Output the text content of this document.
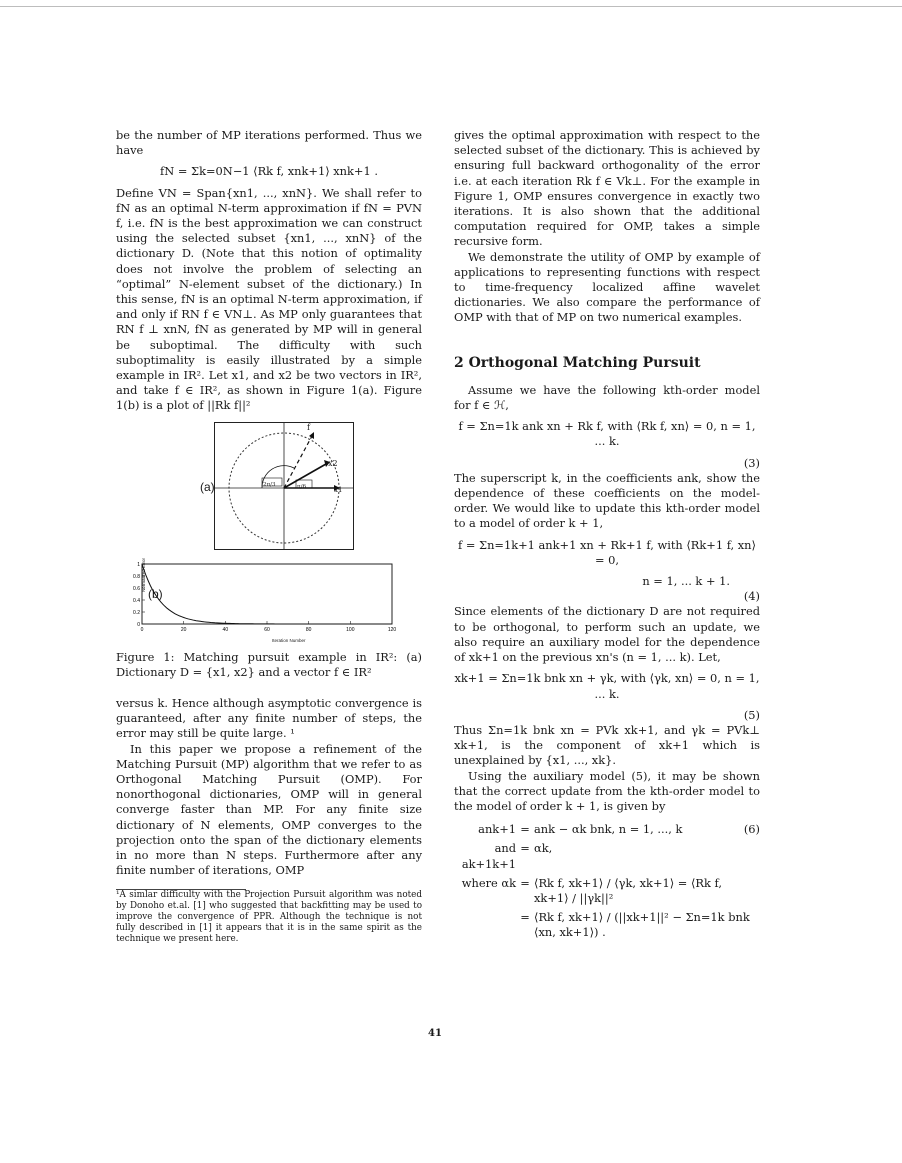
be the number of MP iterations performed. Thus we have

fN = Σk=0N−1 ⟨Rk f, xnk+1⟩ xnk+1 .

Define VN = Span{xn1, ..., xnN}. We shall refer to fN as an optimal N-term approximation if fN = PVN f, i.e. fN is the best approximation we can construct using the selected subset {xn1, ..., xnN} of the dictionary D. (Note that this notion of optimality does not involve the problem of selecting an “optimal” N-element subset of the dictionary.) In this sense, fN is an optimal N-term approximation, if and only if RN f ∈ VN⊥. As MP only guarantees that RN f ⊥ xnN, fN as generated by MP will in general be suboptimal. The difficulty with such suboptimality is easily illustrated by a simple example in IR². Let x1, and x2 be two vectors in IR², and take f ∈ IR², as shown in Figure 1(a). Figure 1(b) is a plot of ||Rk f||²

(a)
(b)
f
x2
x1
2π/3	π/6
1
0.8
0.6
0.4
0.2
0
0	20	40	60	80	100	120
Normalized Error
Iteration Number

Figure 1: Matching pursuit example in IR²: (a) Dictionary D = {x1, x2} and a vector f ∈ IR²

versus k. Hence although asymptotic convergence is guaranteed, after any finite number of steps, the error may still be quite large. ¹

In this paper we propose a refinement of the Matching Pursuit (MP) algorithm that we refer to as Orthogonal Matching Pursuit (OMP). For nonorthogonal dictionaries, OMP will in general converge faster than MP. For any finite size dictionary of N elements, OMP converges to the projection onto the span of the dictionary elements in no more than N steps. Furthermore after any finite number of iterations, OMP

¹A simlar difficulty with the Projection Pursuit algorithm was noted by Donoho et.al. [1] who suggested that backfitting may be used to improve the convergence of PPR. Although the technique is not fully described in [1] it appears that it is in the same spirit as the technique we present here.

gives the optimal approximation with respect to the selected subset of the dictionary. This is achieved by ensuring full backward orthogonality of the error i.e. at each iteration Rk f ∈ Vk⊥. For the example in Figure 1, OMP ensures convergence in exactly two iterations. It is also shown that the additional computation required for OMP, takes a simple recursive form.

We demonstrate the utility of OMP by example of applications to representing functions with respect to time-frequency localized affine wavelet dictionaries. We also compare the performance of OMP with that of MP on two numerical examples.

2 Orthogonal Matching Pursuit

Assume we have the following kth-order model for f ∈ ℋ,

f = Σn=1k ank xn + Rk f, with ⟨Rk f, xn⟩ = 0, n = 1, ... k.
(3)

The superscript k, in the coefficients ank, show the dependence of these coefficients on the model-order. We would like to update this kth-order model to a model of order k + 1,

f = Σn=1k+1 ank+1 xn + Rk+1 f, with ⟨Rk+1 f, xn⟩ = 0,
n = 1, ... k + 1.
(4)

Since elements of the dictionary D are not required to be orthogonal, to perform such an update, we also require an auxiliary model for the dependence of xk+1 on the previous xn's (n = 1, ... k). Let,

xk+1 = Σn=1k bnk xn + γk, with ⟨γk, xn⟩ = 0, n = 1, ... k.
(5)

Thus Σn=1k bnk xn = PVk xk+1, and γk = PVk⊥ xk+1, is the component of xk+1 which is unexplained by {x1, ..., xk}.

Using the auxiliary model (5), it may be shown that the correct update from the kth-order model to the model of order k + 1, is given by

ank+1 = ank − αk bnk, n = 1, ..., k	(6)
and ak+1k+1
= αk,
where αk = ⟨Rk f, xk+1⟩ / ⟨γk, xk+1⟩ = ⟨Rk f, xk+1⟩ / ||γk||²
= ⟨Rk f, xk+1⟩ / (||xk+1||² − Σn=1k bnk ⟨xn, xk+1⟩) .
41
